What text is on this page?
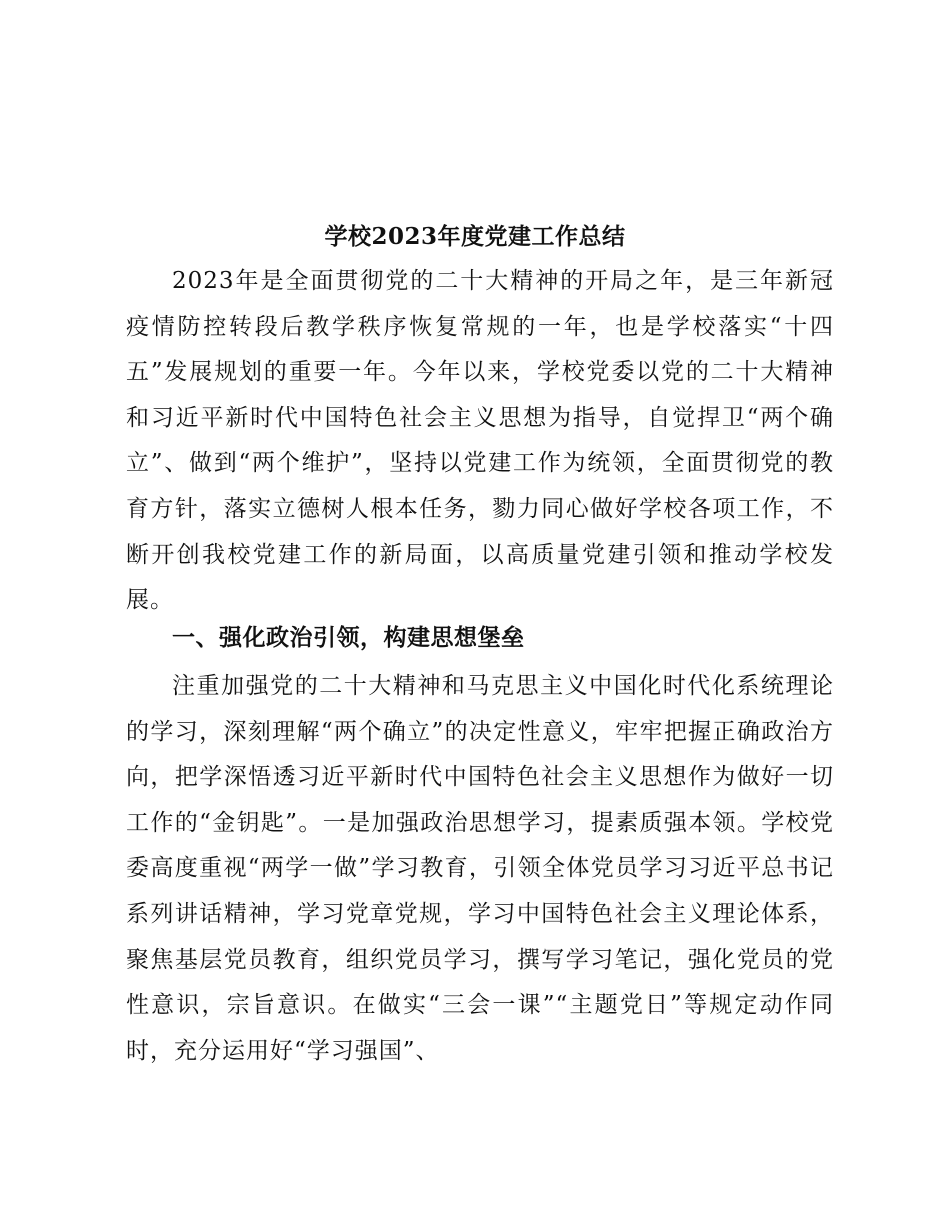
学校2023年度党建工作总结

2023年是全面贯彻党的二十大精神的开局之年，是三年新冠疫情防控转段后教学秩序恢复常规的一年，也是学校落实“十四五”发展规划的重要一年。今年以来，学校党委以党的二十大精神和习近平新时代中国特色社会主义思想为指导，自觉捍卫“两个确立”、做到“两个维护”，坚持以党建工作为统领，全面贯彻党的教育方针，落实立德树人根本任务，勠力同心做好学校各项工作，不断开创我校党建工作的新局面，以高质量党建引领和推动学校发展。

一、强化政治引领，构建思想堡垒

注重加强党的二十大精神和马克思主义中国化时代化系统理论的学习，深刻理解“两个确立”的决定性意义，牢牢把握正确政治方向，把学深悟透习近平新时代中国特色社会主义思想作为做好一切工作的“金钥匙”。一是加强政治思想学习，提素质强本领。学校党委高度重视“两学一做”学习教育，引领全体党员学习习近平总书记系列讲话精神，学习党章党规，学习中国特色社会主义理论体系，聚焦基层党员教育，组织党员学习，撰写学习笔记，强化党员的党性意识，宗旨意识。在做实“三会一课”“主题党日”等规定动作同时，充分运用好“学习强国”、
